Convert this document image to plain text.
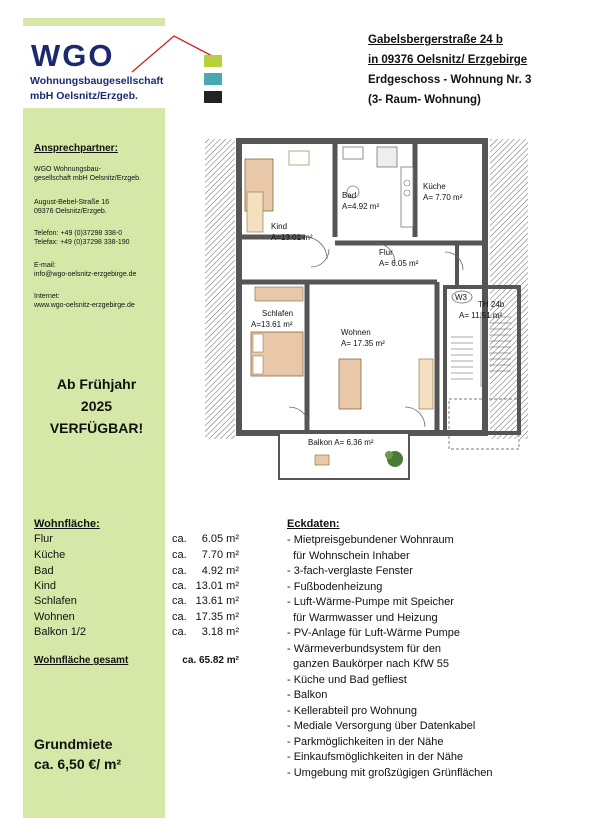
WGO
Wohnungsbaugesellschaft
mbH Oelsnitz/Erzgeb.
Gabelsbergerstraße 24 b
in 09376 Oelsnitz/ Erzgebirge
Erdgeschoss - Wohnung Nr. 3
(3- Raum- Wohnung)
Ansprechpartner:
WGO Wohnungsbau-
gesellschaft mbH Oelsnitz/Erzgeb.
August-Bebel-Straße 16
09376 Oelsnitz/Erzgeb.
Telefon: +49 (0)37298 338-0
Telefax: +49 (0)37298 338-190
E-mail:
info@wgo-oelsnitz-erzgebirge.de
Internet:
www.wgo-oelsnitz-erzgebirge.de
Ab Frühjahr
2025
VERFÜGBAR!
Kind
A=13.01 m²
Bad
A=4.92 m²
Küche
A= 7.70 m²
Flur
A= 6.05 m²
Schlafen
A=13.61 m²
Wohnen
A= 17.35 m²
TH 24b
A= 11.51 m²
W3
Balkon A= 6.36 m²
Wohnfläche:
Flur	ca. 6.05 m²
Küche	ca. 7.70 m²
Bad	ca. 4.92 m²
Kind	ca. 13.01 m²
Schlafen	ca. 13.61 m²
Wohnen	ca. 17.35 m²
Balkon 1/2	ca. 3.18 m²
Wohnfläche gesamt	ca. 65.82 m²
Grundmiete
ca. 6,50 €/ m²
Eckdaten:
- Mietpreisgebundener Wohnraum
für Wohnschein Inhaber
- 3-fach-verglaste Fenster
- Fußbodenheizung
- Luft-Wärme-Pumpe mit Speicher
für Warmwasser und Heizung
- PV-Anlage für Luft-Wärme Pumpe
- Wärmeverbundsystem für den
ganzen Baukörper nach KfW 55
- Küche und Bad gefliest
- Balkon
- Kellerabteil pro Wohnung
- Mediale Versorgung über Datenkabel
- Parkmöglichkeiten in der Nähe
- Einkaufsmöglichkeiten in der Nähe
- Umgebung mit großzügigen Grünflächen
